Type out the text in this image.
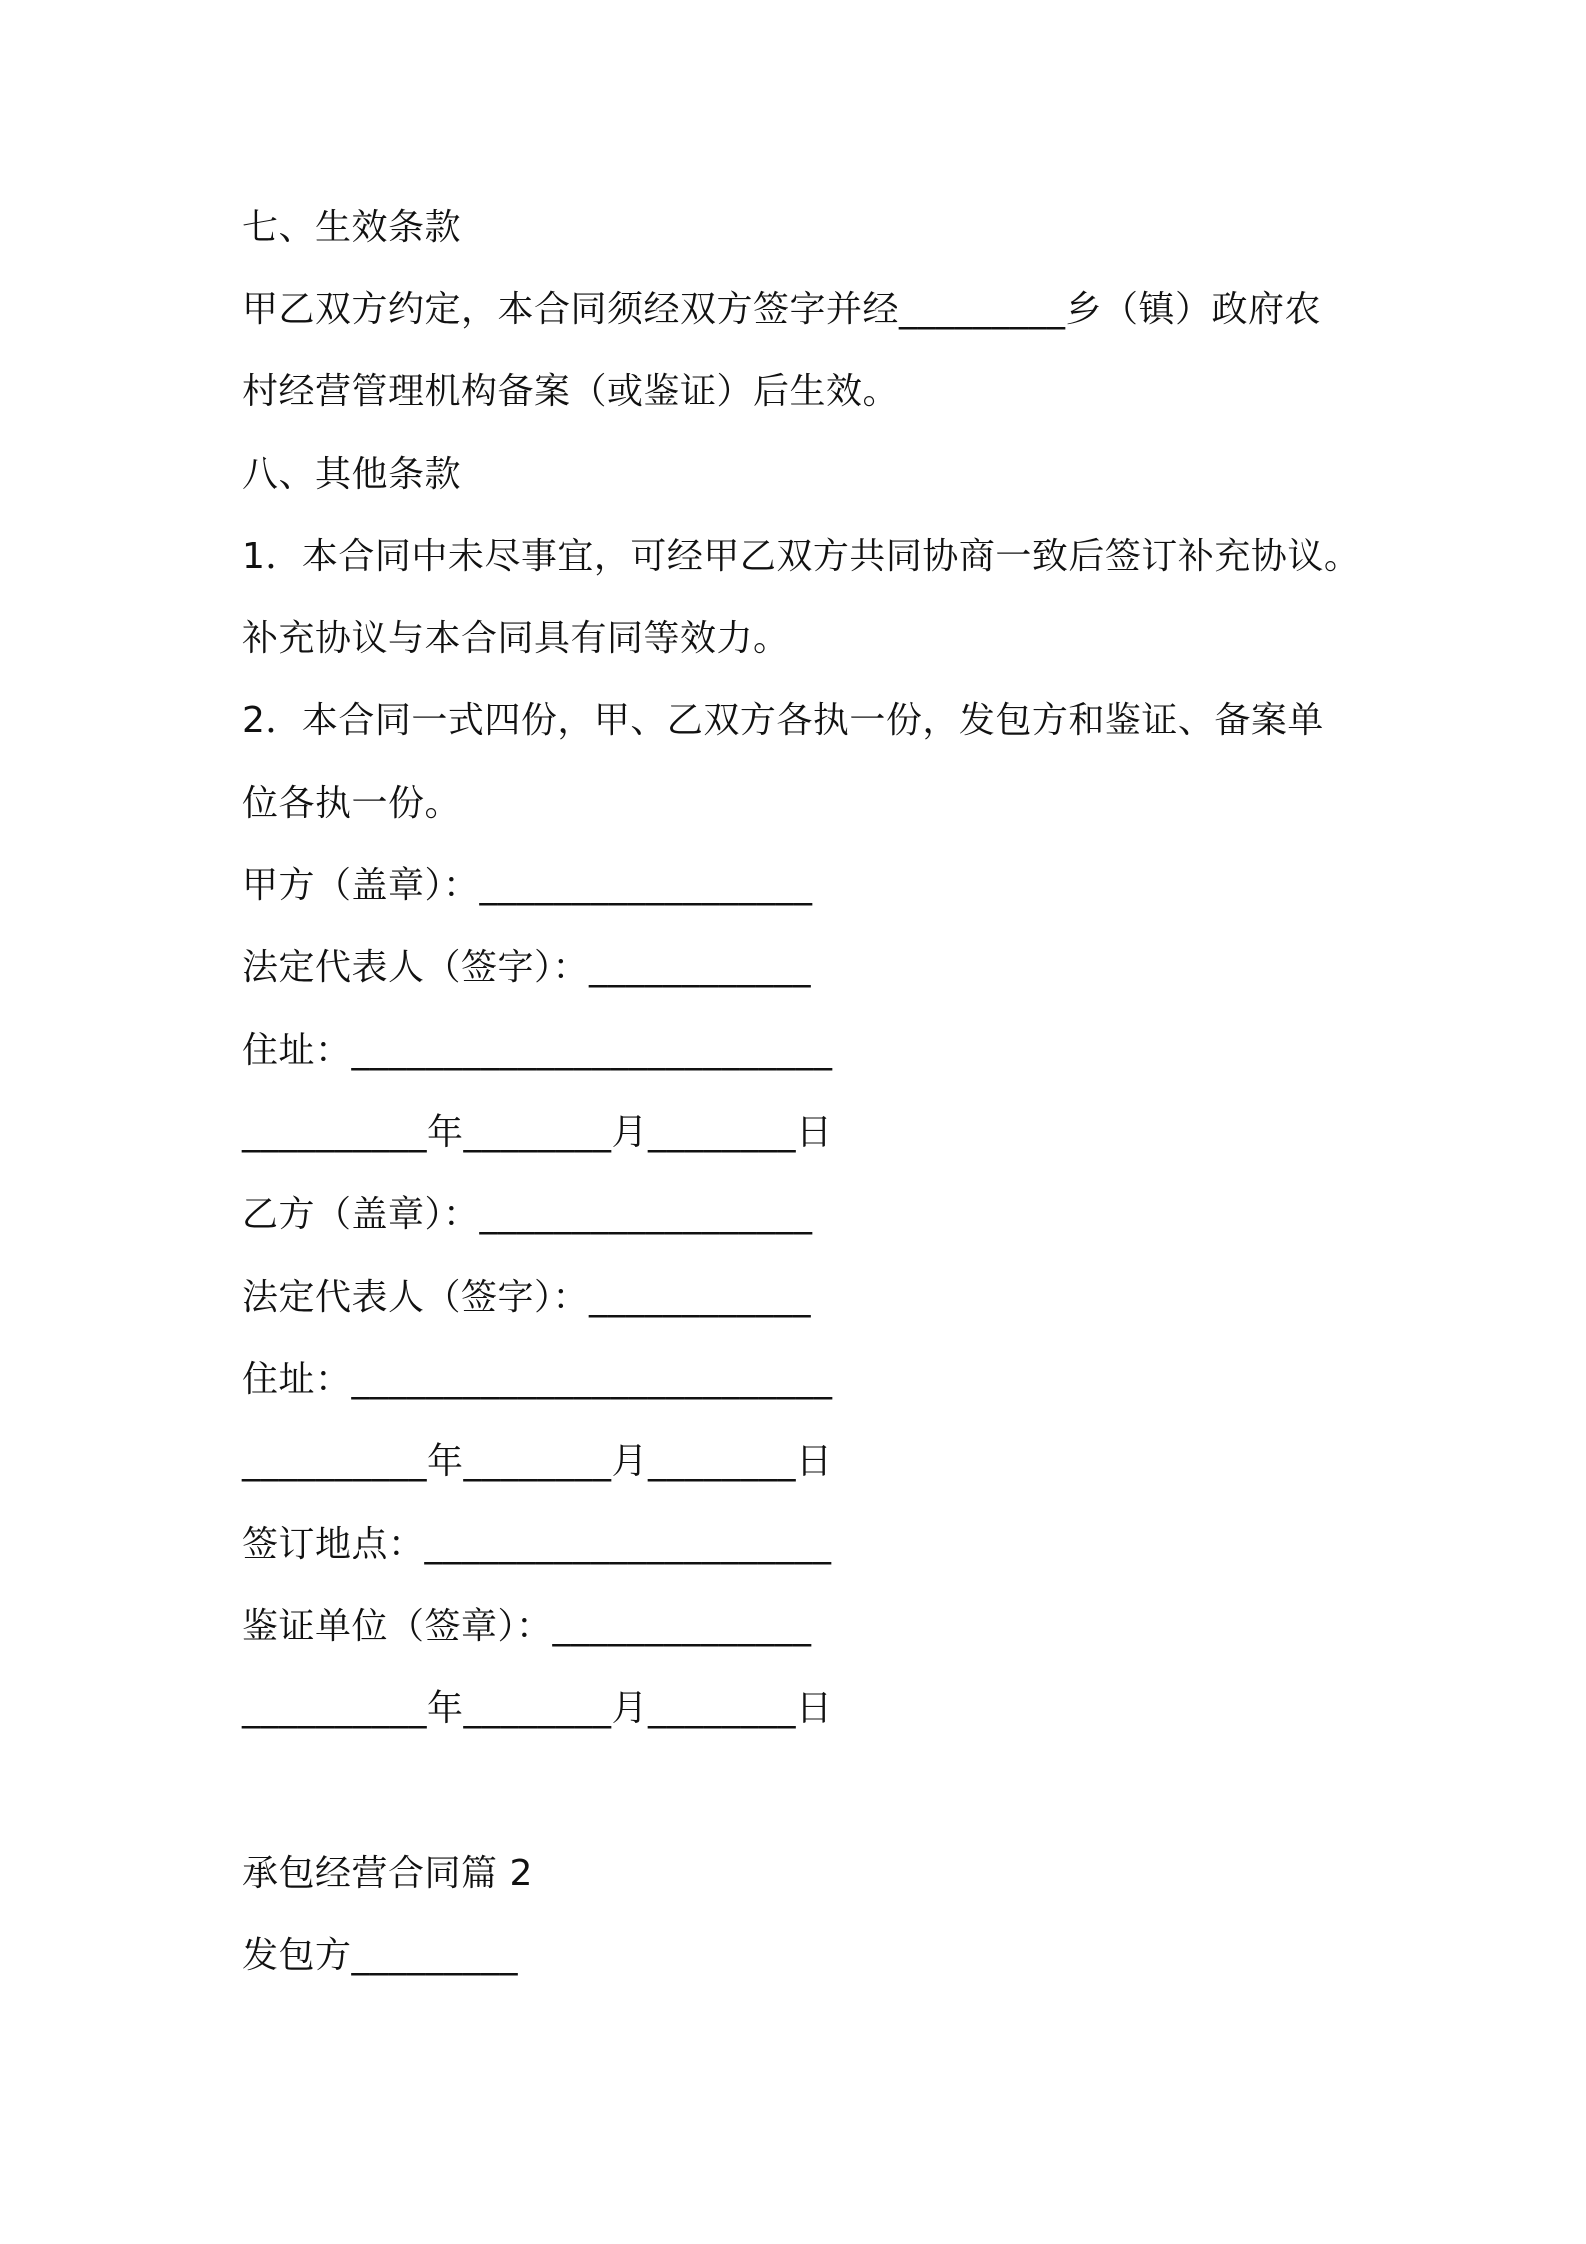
七、生效条款
甲乙双方约定，本合同须经双方签字并经_________乡（镇）政府农
村经营管理机构备案（或鉴证）后生效。
八、其他条款
1．本合同中未尽事宜，可经甲乙双方共同协商一致后签订补充协议。
补充协议与本合同具有同等效力。
2．本合同一式四份，甲、乙双方各执一份，发包方和鉴证、备案单
位各执一份。
甲方（盖章）：__________________
法定代表人（签字）：____________
住址：__________________________
__________年________月________日
乙方（盖章）：__________________
法定代表人（签字）：____________
住址：__________________________
__________年________月________日
签订地点：______________________
鉴证单位（签章）：______________
__________年________月________日
承包经营合同篇 2
发包方_________
